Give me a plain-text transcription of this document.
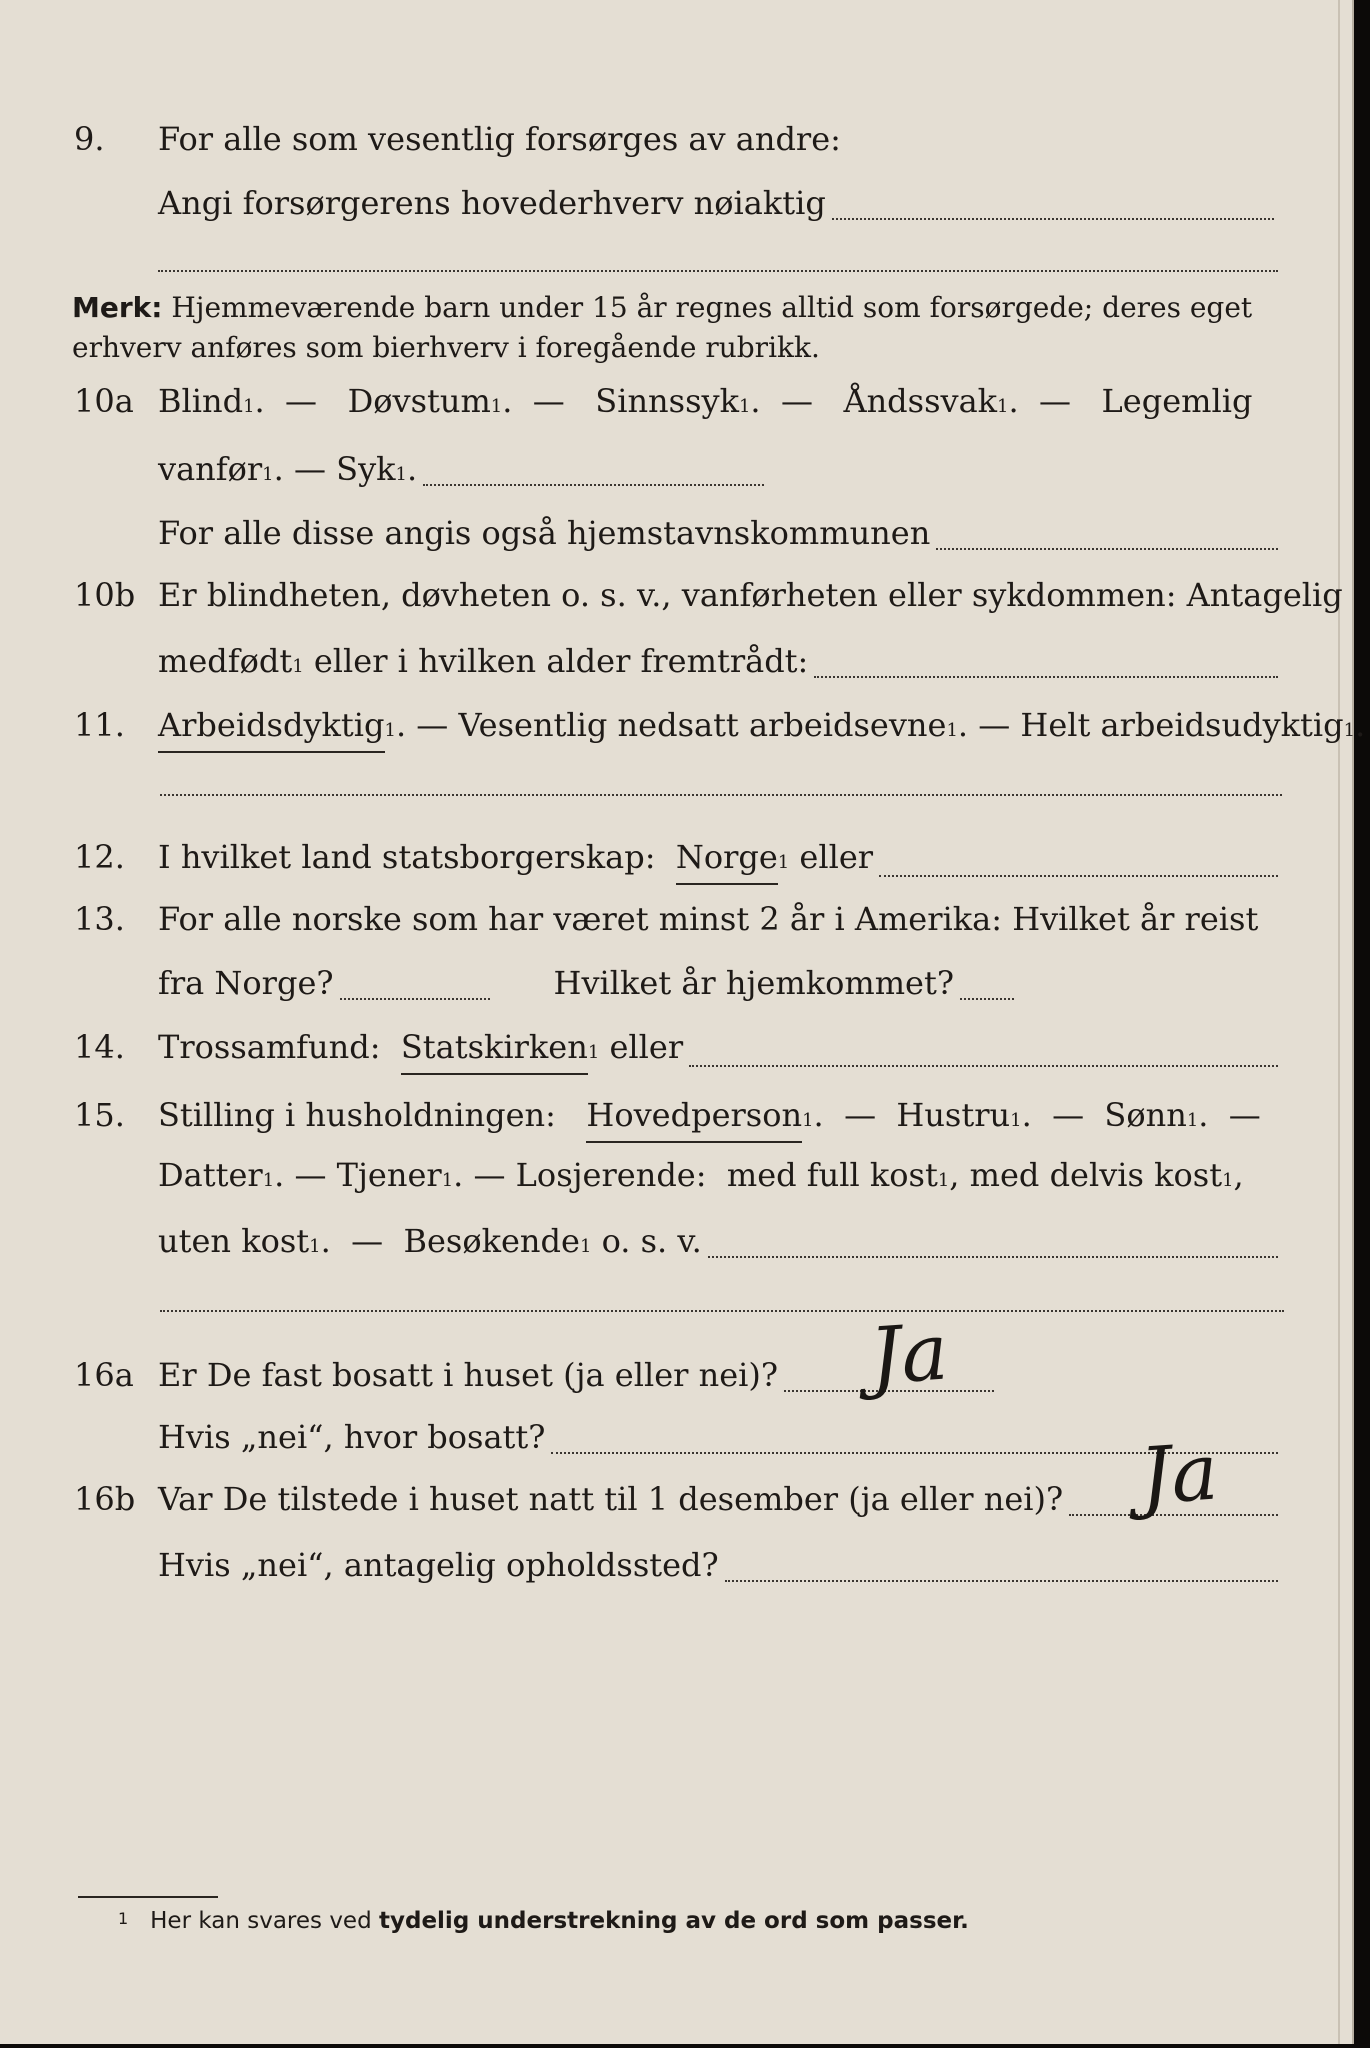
9. For alle som vesentlig forsørges av andre:
Angi forsørgerens hovederhverv nøiaktig
Merk: Hjemmeværende barn under 15 år regnes alltid som forsørgede; deres eget erhverv anføres som bierhverv i foregående rubrikk.
10a Blind 1 .  — Døvstum 1 .  — Sinnssyk 1 .  — Åndssvak 1 .  — Legemlig
vanfør 1 . — Syk 1 .
For alle disse angis også hjemstavnskommunen
10b Er blindheten, døvheten o. s. v., vanførheten eller sykdommen: Antagelig
medfødt 1
eller i hvilken alder fremtrådt:
11. Arbeidsdyktig 1 . — Vesentlig nedsatt arbeidsevne 1 . — Helt arbeidsudyktig 1 .
12. I hvilket land statsborgerskap:
Norge 1
eller
13. For alle norske som har været minst 2 år i Amerika: Hvilket år reist
fra Norge?	Hvilket år hjemkommet?
14. Trossamfund:
Statskirken 1
eller
15. Stilling i husholdningen:
Hovedperson 1 .  — Hustru 1 .  — Sønn 1 .  —
Datter 1 . — Tjener 1 . — Losjerende:
med full kost 1 , med delvis kost 1 ,
uten kost 1 .  — Besøkende 1
o. s. v.
16a Er De fast bosatt i huset (ja eller nei)? Ja
Hvis „nei“, hvor bosatt?
16b Var De tilstede i huset natt til 1 desember (ja eller nei)? Ja
Hvis „nei“, antagelig opholdssted?
1 Her kan svares ved tydelig understrekning av de ord som passer.
